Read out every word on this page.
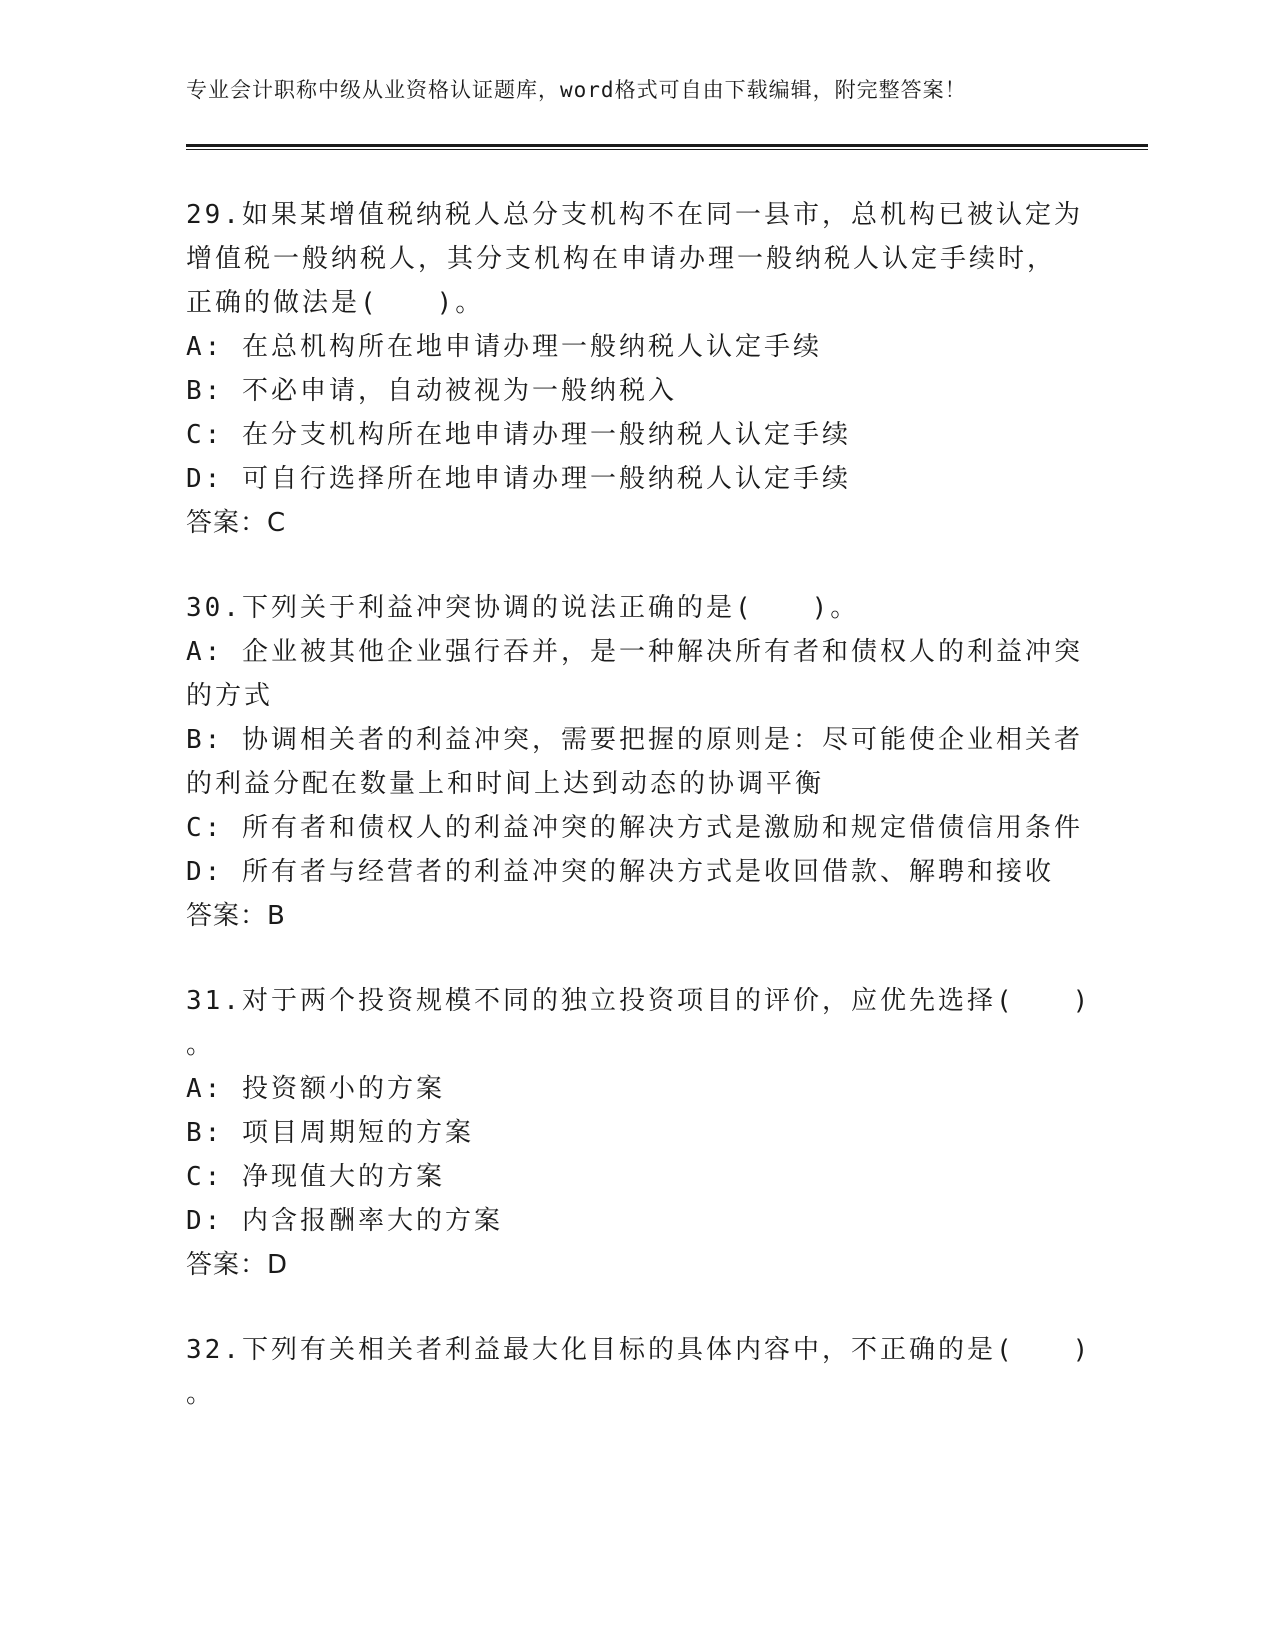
专业会计职称中级从业资格认证题库，word格式可自由下载编辑，附完整答案！
29.如果某增值税纳税人总分支机构不在同一县市，总机构已被认定为
增值税一般纳税人，其分支机构在申请办理一般纳税人认定手续时，
正确的做法是(　　)。
A: 在总机构所在地申请办理一般纳税人认定手续
B: 不必申请，自动被视为一般纳税入
C: 在分支机构所在地申请办理一般纳税人认定手续
D: 可自行选择所在地申请办理一般纳税人认定手续
答案：C
30.下列关于利益冲突协调的说法正确的是(　　)。
A: 企业被其他企业强行吞并，是一种解决所有者和债权人的利益冲突
的方式
B: 协调相关者的利益冲突，需要把握的原则是：尽可能使企业相关者
的利益分配在数量上和时间上达到动态的协调平衡
C: 所有者和债权人的利益冲突的解决方式是激励和规定借债信用条件
D: 所有者与经营者的利益冲突的解决方式是收回借款、解聘和接收
答案：B
31.对于两个投资规模不同的独立投资项目的评价，应优先选择(　　)
。
A: 投资额小的方案
B: 项目周期短的方案
C: 净现值大的方案
D: 内含报酬率大的方案
答案：D
32.下列有关相关者利益最大化目标的具体内容中，不正确的是(　　)
。
